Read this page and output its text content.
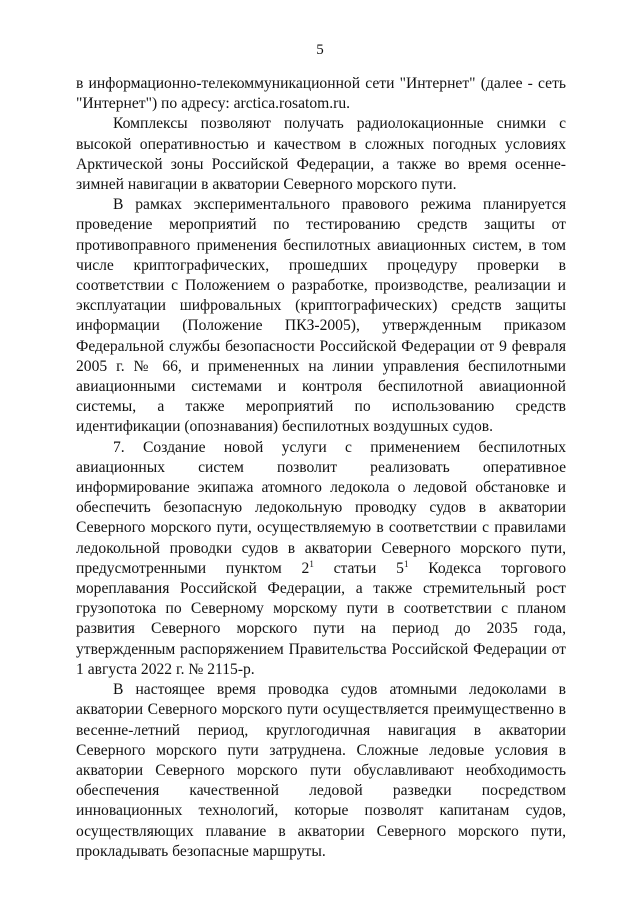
5

в информационно-телекоммуникационной сети "Интернет" (далее - сеть "Интернет") по адресу: arctica.rosatom.ru.

Комплексы позволяют получать радиолокационные снимки с высокой оперативностью и качеством в сложных погодных условиях Арктической зоны Российской Федерации, а также во время осенне-зимней навигации в акватории Северного морского пути.

В рамках экспериментального правового режима планируется проведение мероприятий по тестированию средств защиты от противоправного применения беспилотных авиационных систем, в том числе криптографических, прошедших процедуру проверки в соответствии с Положением о разработке, производстве, реализации и эксплуатации шифровальных (криптографических) средств защиты информации (Положение ПКЗ-2005), утвержденным приказом Федеральной службы безопасности Российской Федерации от 9 февраля 2005 г. № 66, и примененных на линии управления беспилотными авиационными системами и контроля беспилотной авиационной системы, а также мероприятий по использованию средств идентификации (опознавания) беспилотных воздушных судов.

7. Создание новой услуги с применением беспилотных авиационных систем позволит реализовать оперативное информирование экипажа атомного ледокола о ледовой обстановке и обеспечить безопасную ледокольную проводку судов в акватории Северного морского пути, осуществляемую в соответствии с правилами ледокольной проводки судов в акватории Северного морского пути, предусмотренными пунктом $2^1$ статьи $5^1$ Кодекса торгового мореплавания Российской Федерации, а также стремительный рост грузопотока по Северному морскому пути в соответствии с планом развития Северного морского пути на период до 2035 года, утвержденным распоряжением Правительства Российской Федерации от 1 августа 2022 г. № 2115-р.

В настоящее время проводка судов атомными ледоколами в акватории Северного морского пути осуществляется преимущественно в весенне-летний период, круглогодичная навигация в акватории Северного морского пути затруднена. Сложные ледовые условия в акватории Северного морского пути обуславливают необходимость обеспечения качественной ледовой разведки посредством инновационных технологий, которые позволят капитанам судов, осуществляющих плавание в акватории Северного морского пути, прокладывать безопасные маршруты.
